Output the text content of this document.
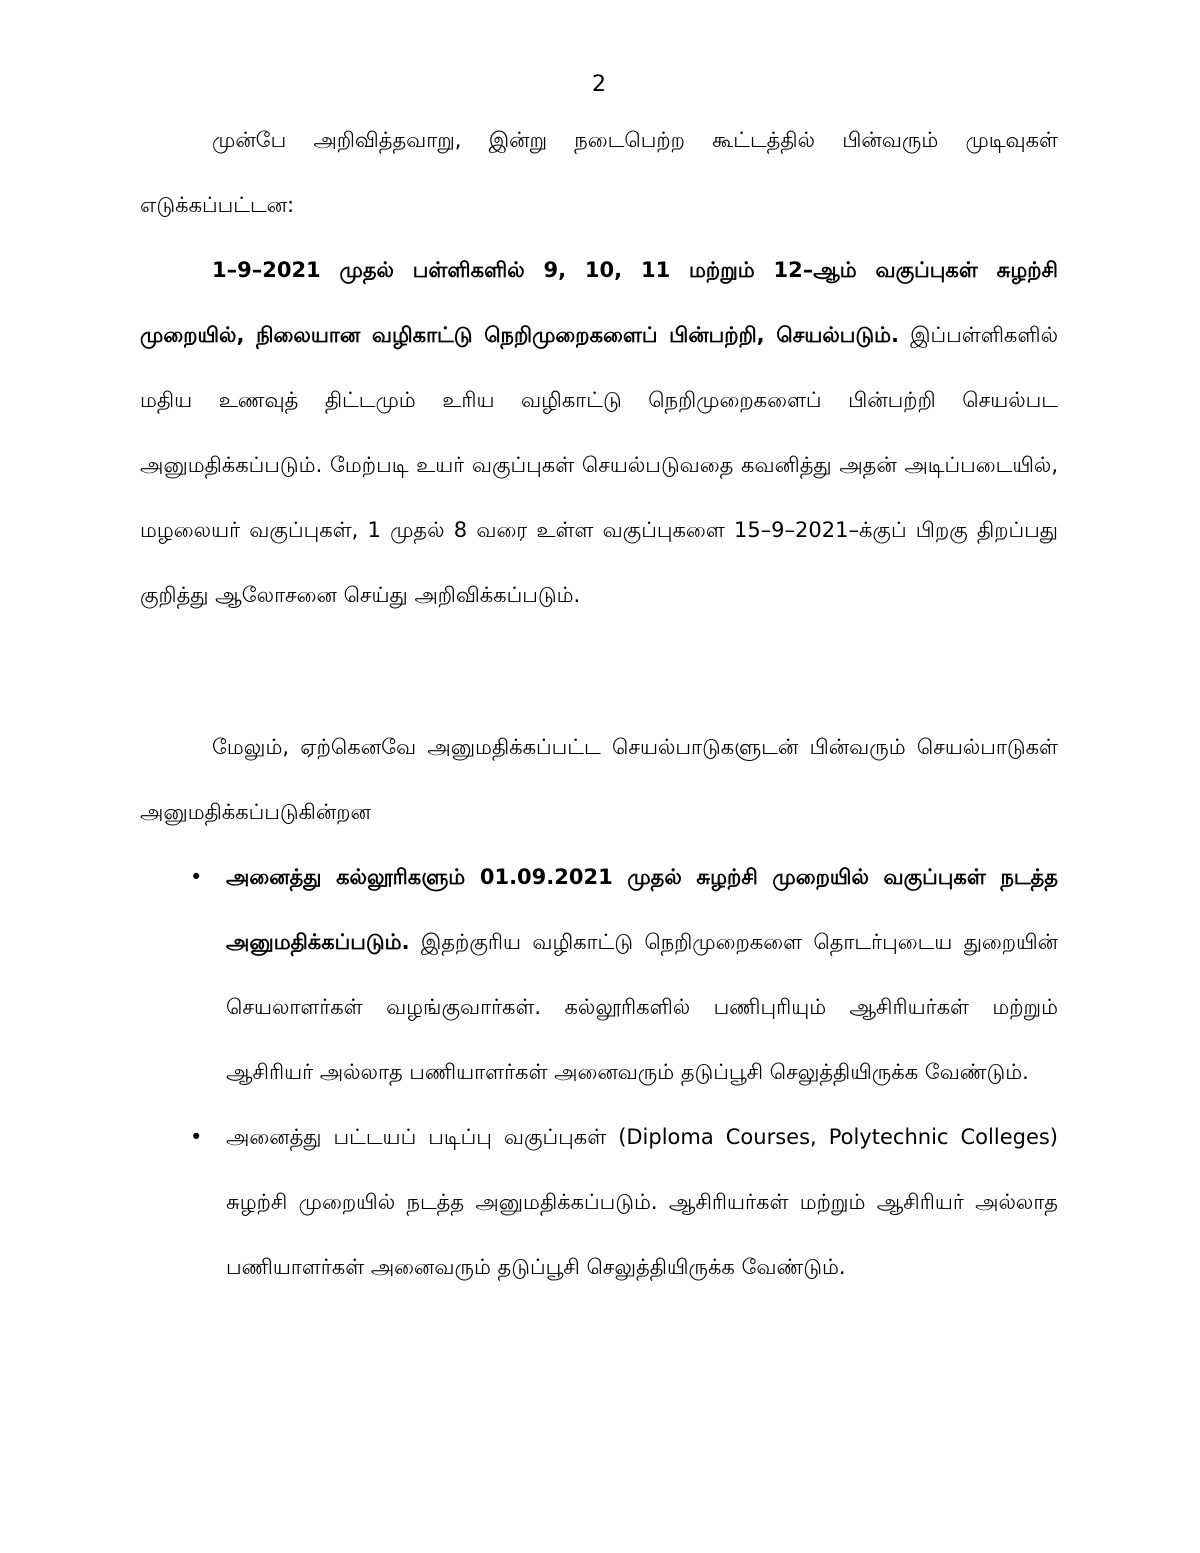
2

முன்பே அறிவித்தவாறு, இன்று நடைபெற்ற கூட்டத்தில் பின்வரும் முடிவுகள் எடுக்கப்பட்டன:

1–9–2021 முதல் பள்ளிகளில் 9, 10, 11 மற்றும் 12–ஆம் வகுப்புகள் சுழற்சி முறையில், நிலையான வழிகாட்டு நெறிமுறைகளைப் பின்பற்றி, செயல்படும். இப்பள்ளிகளில் மதிய உணவுத் திட்டமும் உரிய வழிகாட்டு நெறிமுறைகளைப் பின்பற்றி செயல்பட அனுமதிக்கப்படும். மேற்படி உயர் வகுப்புகள் செயல்படுவதை கவனித்து அதன் அடிப்படையில், மழலையர் வகுப்புகள், 1 முதல் 8 வரை உள்ள வகுப்புகளை 15–9–2021–க்குப் பிறகு திறப்பது குறித்து ஆலோசனை செய்து அறிவிக்கப்படும்.

மேலும், ஏற்கெனவே அனுமதிக்கப்பட்ட செயல்பாடுகளுடன் பின்வரும் செயல்பாடுகள் அனுமதிக்கப்படுகின்றன

• அனைத்து கல்லூரிகளும் 01.09.2021 முதல் சுழற்சி முறையில் வகுப்புகள் நடத்த அனுமதிக்கப்படும். இதற்குரிய வழிகாட்டு நெறிமுறைகளை தொடர்புடைய துறையின் செயலாளர்கள் வழங்குவார்கள். கல்லூரிகளில் பணிபுரியும் ஆசிரியர்கள் மற்றும் ஆசிரியர் அல்லாத பணியாளர்கள் அனைவரும் தடுப்பூசி செலுத்தியிருக்க வேண்டும்.
• அனைத்து பட்டயப் படிப்பு வகுப்புகள் (Diploma Courses, Polytechnic Colleges) சுழற்சி முறையில் நடத்த அனுமதிக்கப்படும். ஆசிரியர்கள் மற்றும் ஆசிரியர் அல்லாத பணியாளர்கள் அனைவரும் தடுப்பூசி செலுத்தியிருக்க வேண்டும்.
